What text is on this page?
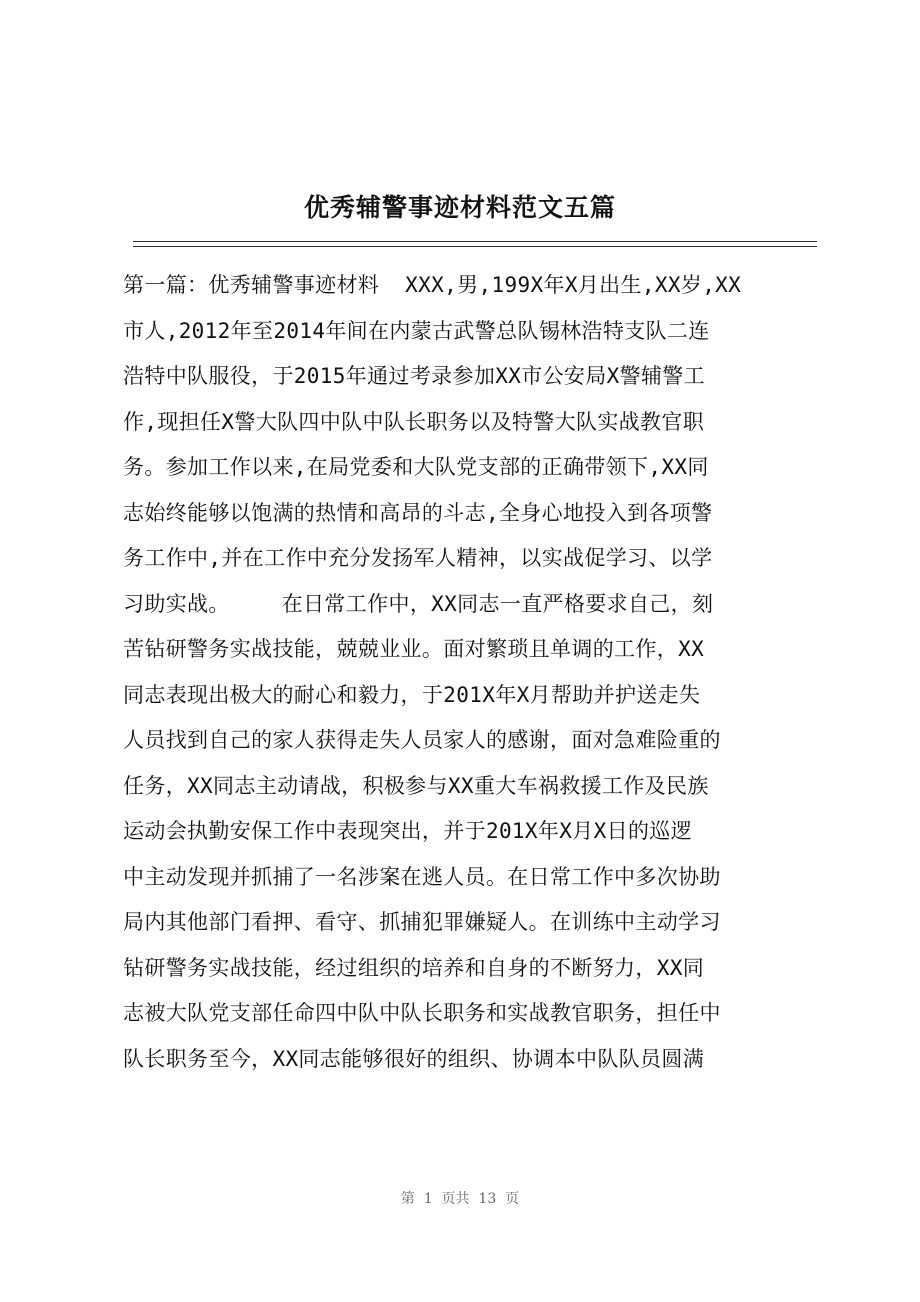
优秀辅警事迹材料范文五篇
第一篇：优秀辅警事迹材料  XXX,男,199X年X月出生,XX岁,XX
市人,2012年至2014年间在内蒙古武警总队锡林浩特支队二连
浩特中队服役，于2015年通过考录参加XX市公安局X警辅警工
作,现担任X警大队四中队中队长职务以及特警大队实战教官职
务。参加工作以来,在局党委和大队党支部的正确带领下,XX同
志始终能够以饱满的热情和高昂的斗志,全身心地投入到各项警
务工作中,并在工作中充分发扬军人精神，以实战促学习、以学
习助实战。    在日常工作中，XX同志一直严格要求自己，刻
苦钻研警务实战技能，兢兢业业。面对繁琐且单调的工作，XX
同志表现出极大的耐心和毅力，于201X年X月帮助并护送走失
人员找到自己的家人获得走失人员家人的感谢，面对急难险重的
任务，XX同志主动请战，积极参与XX重大车祸救援工作及民族
运动会执勤安保工作中表现突出，并于201X年X月X日的巡逻
中主动发现并抓捕了一名涉案在逃人员。在日常工作中多次协助
局内其他部门看押、看守、抓捕犯罪嫌疑人。在训练中主动学习
钻研警务实战技能，经过组织的培养和自身的不断努力，XX同
志被大队党支部任命四中队中队长职务和实战教官职务，担任中
队长职务至今，XX同志能够很好的组织、协调本中队队员圆满
第  1  页共  13  页
